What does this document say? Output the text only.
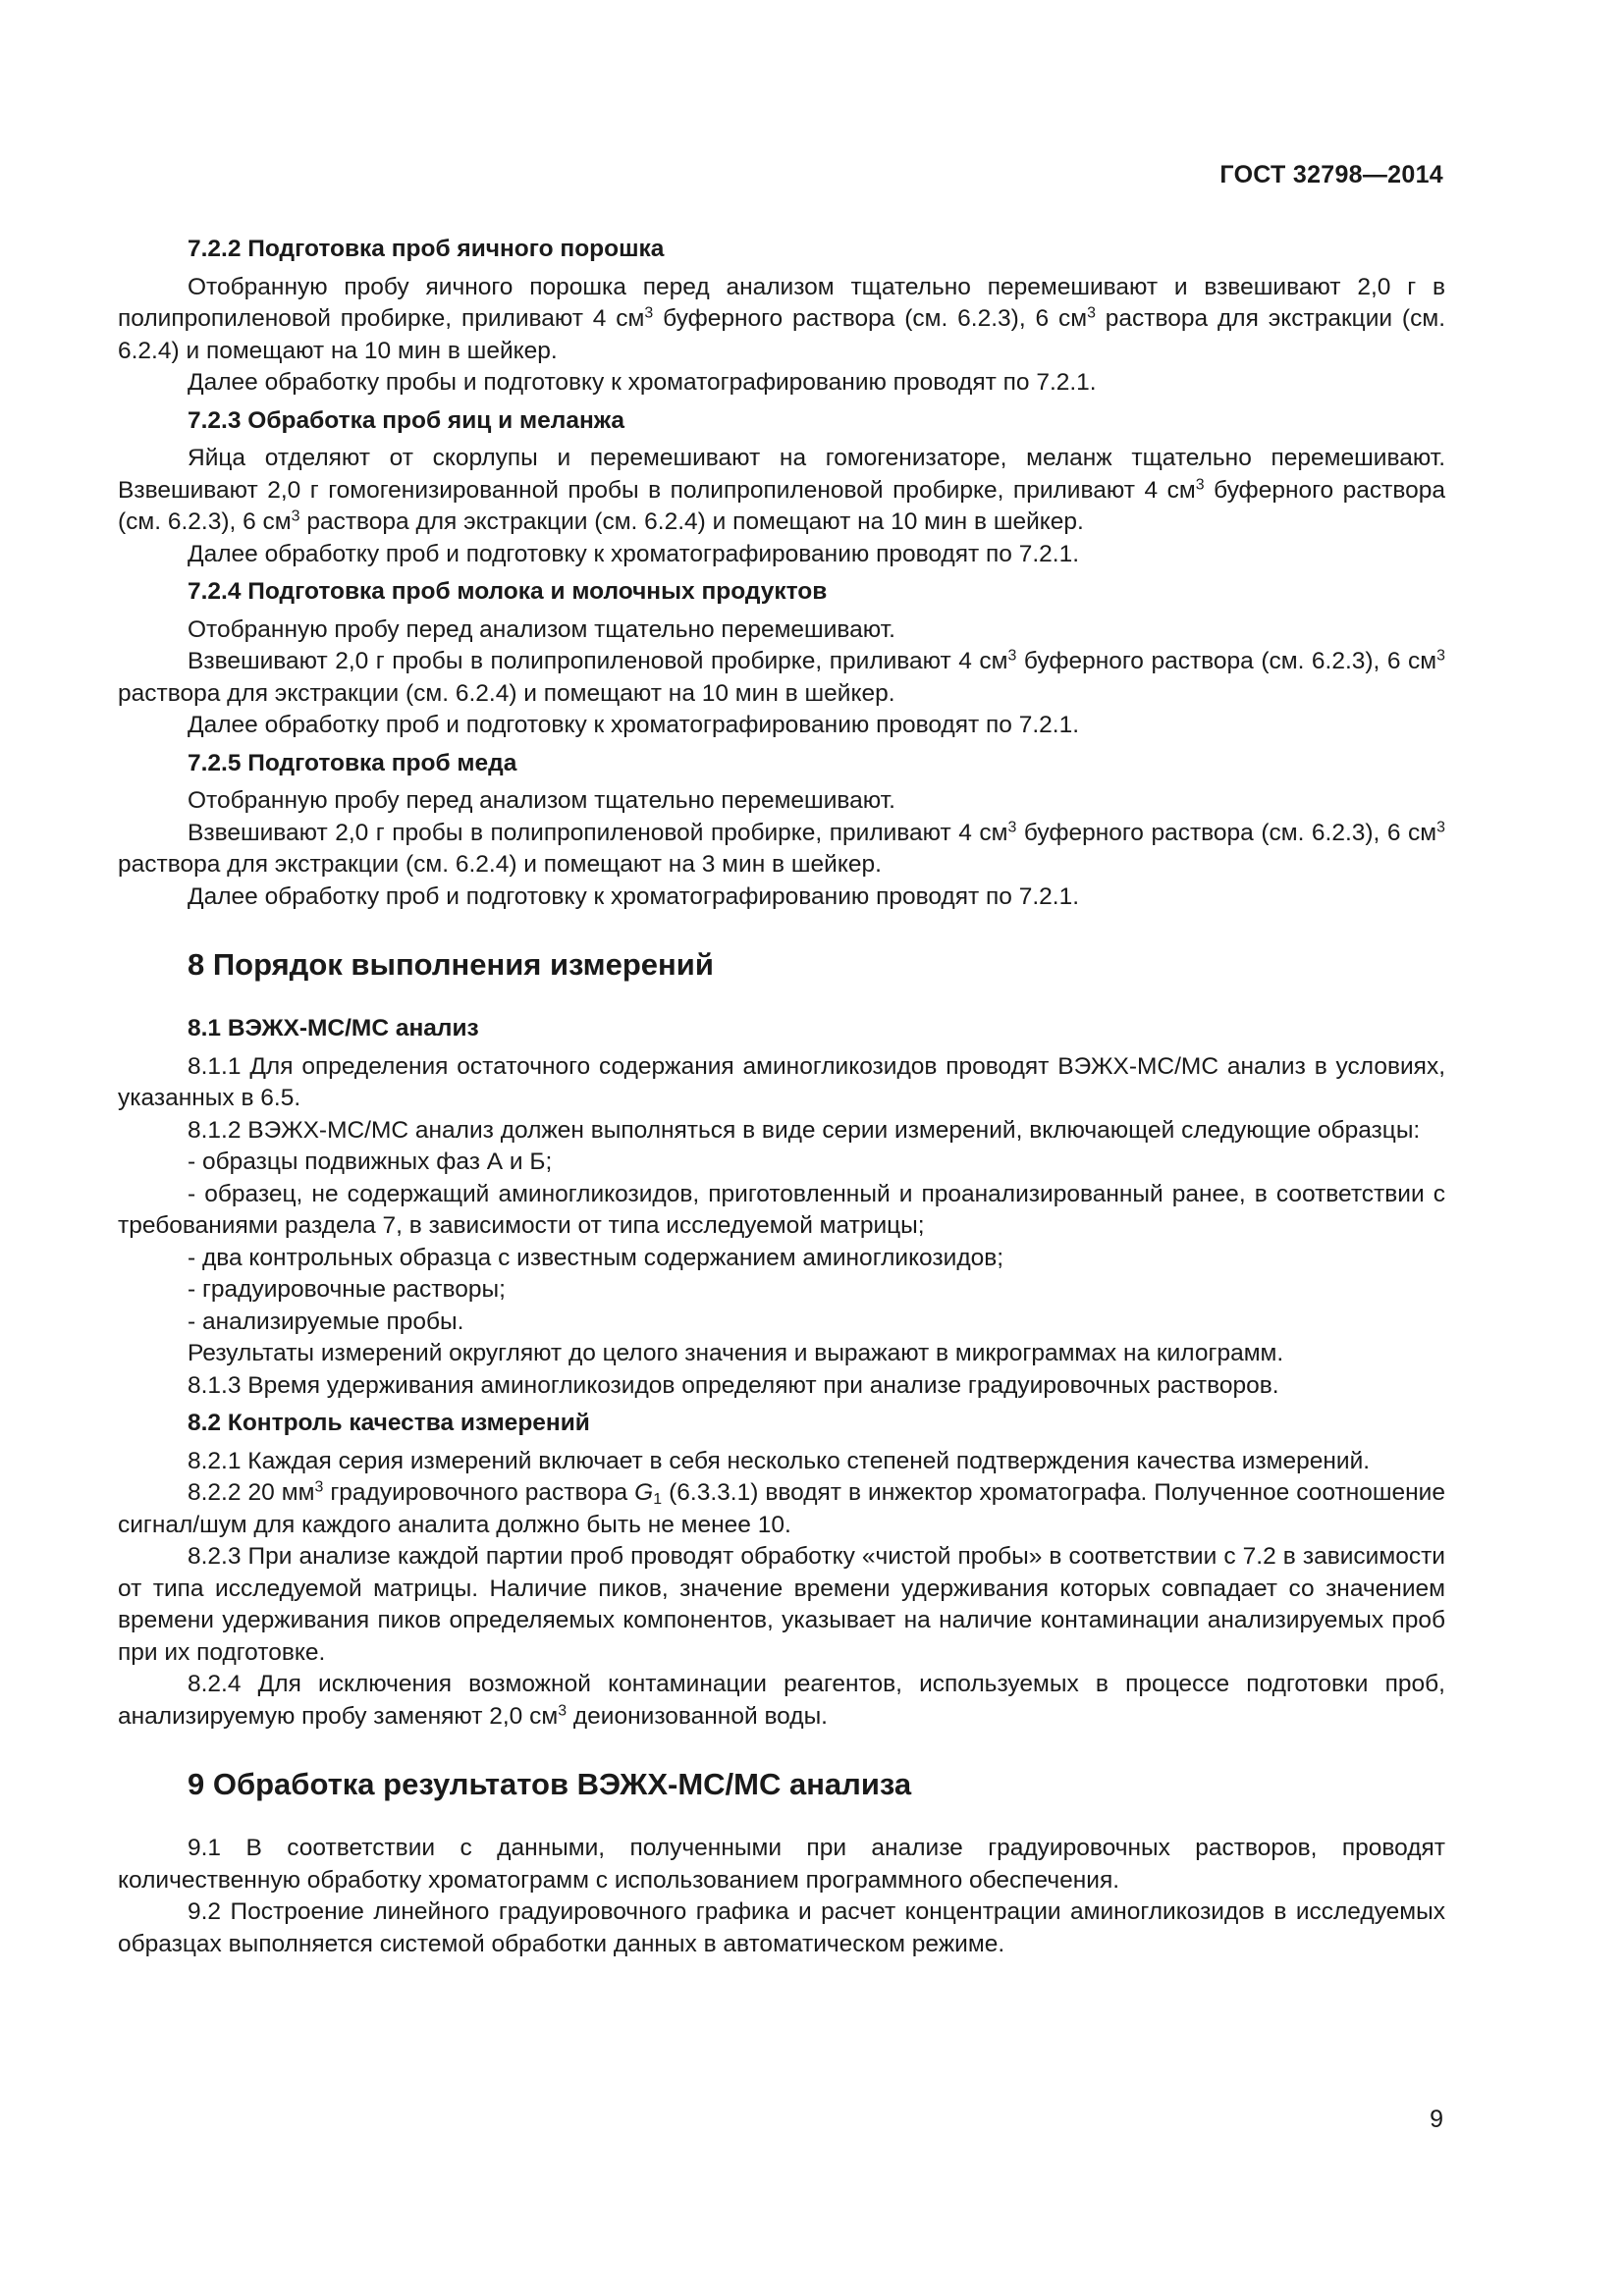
ГОСТ 32798—2014
7.2.2 Подготовка проб яичного порошка

Отобранную пробу яичного порошка перед анализом тщательно перемешивают и взвешивают 2,0 г в полипропиленовой пробирке, приливают 4 $см^3$ буферного раствора (см. 6.2.3), 6 $см^3$ раствора для экстракции (см. 6.2.4) и помещают на 10 мин в шейкер.

Далее обработку пробы и подготовку к хроматографированию проводят по 7.2.1.

7.2.3 Обработка проб яиц и меланжа

Яйца отделяют от скорлупы и перемешивают на гомогенизаторе, меланж тщательно перемешивают. Взвешивают 2,0 г гомогенизированной пробы в полипропиленовой пробирке, приливают 4 $см^3$ буферного раствора (см. 6.2.3), 6 $см^3$ раствора для экстракции (см. 6.2.4) и помещают на 10 мин в шейкер.

Далее обработку проб и подготовку к хроматографированию проводят по 7.2.1.

7.2.4 Подготовка проб молока и молочных продуктов

Отобранную пробу перед анализом тщательно перемешивают.

Взвешивают 2,0 г пробы в полипропиленовой пробирке, приливают 4 $см^3$ буферного раствора (см. 6.2.3), 6 $см^3$ раствора для экстракции (см. 6.2.4) и помещают на 10 мин в шейкер.

Далее обработку проб и подготовку к хроматографированию проводят по 7.2.1.

7.2.5 Подготовка проб меда

Отобранную пробу перед анализом тщательно перемешивают.

Взвешивают 2,0 г пробы в полипропиленовой пробирке, приливают 4 $см^3$ буферного раствора (см. 6.2.3), 6 $см^3$ раствора для экстракции (см. 6.2.4) и помещают на 3 мин в шейкер.

Далее обработку проб и подготовку к хроматографированию проводят по 7.2.1.

8 Порядок выполнения измерений
8.1 ВЭЖХ-МС/МС анализ

8.1.1 Для определения остаточного содержания аминогликозидов проводят ВЭЖХ-МС/МС анализ в условиях, указанных в 6.5.

8.1.2 ВЭЖХ-МС/МС анализ должен выполняться в виде серии измерений, включающей следующие образцы:

- образцы подвижных фаз А и Б;

- образец, не содержащий аминогликозидов, приготовленный и проанализированный ранее, в соответствии с требованиями раздела 7, в зависимости от типа исследуемой матрицы;

- два контрольных образца с известным содержанием аминогликозидов;

- градуировочные растворы;

- анализируемые пробы.

Результаты измерений округляют до целого значения и выражают в микрограммах на килограмм.

8.1.3 Время удерживания аминогликозидов определяют при анализе градуировочных растворов.

8.2 Контроль качества измерений

8.2.1 Каждая серия измерений включает в себя несколько степеней подтверждения качества измерений.

8.2.2 20 $мм^3$ градуировочного раствора $G_1$ (6.3.3.1) вводят в инжектор хроматографа. Полученное соотношение сигнал/шум для каждого аналита должно быть не менее 10.

8.2.3 При анализе каждой партии проб проводят обработку «чистой пробы» в соответствии с 7.2 в зависимости от типа исследуемой матрицы. Наличие пиков, значение времени удерживания которых совпадает со значением времени удерживания пиков определяемых компонентов, указывает на наличие контаминации анализируемых проб при их подготовке.

8.2.4 Для исключения возможной контаминации реагентов, используемых в процессе подготовки проб, анализируемую пробу заменяют 2,0 $см^3$ деионизованной воды.

9 Обработка результатов ВЭЖХ-МС/МС анализа

9.1 В соответствии с данными, полученными при анализе градуировочных растворов, проводят количественную обработку хроматограмм с использованием программного обеспечения.

9.2 Построение линейного градуировочного графика и расчет концентрации аминогликозидов в исследуемых образцах выполняется системой обработки данных в автоматическом режиме.

9
